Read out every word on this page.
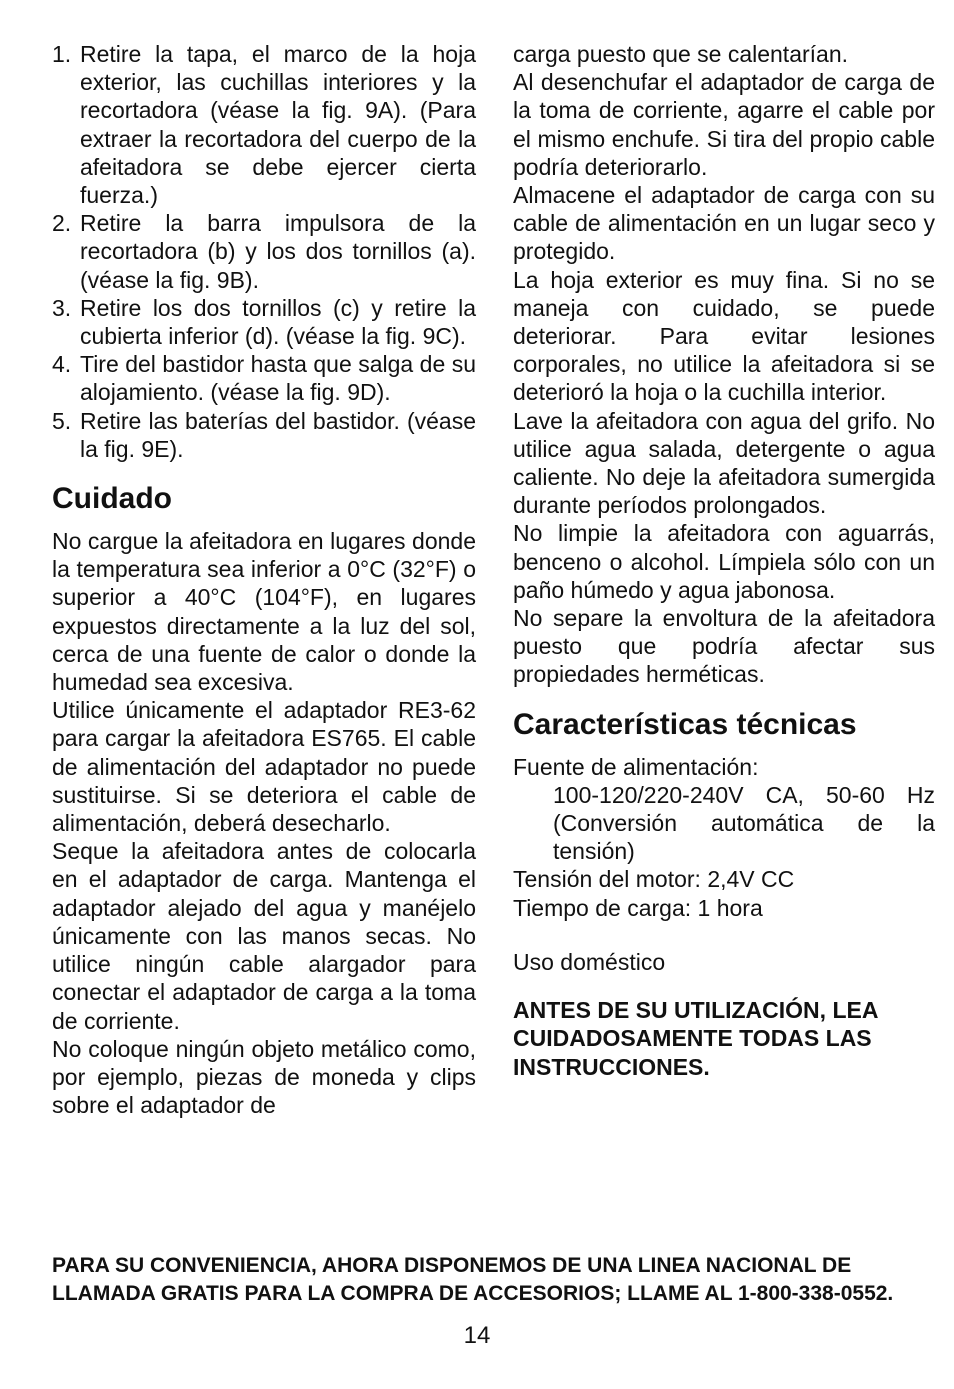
1. Retire la tapa, el marco de la hoja exterior, las cuchillas interiores y la recortadora (véase la fig. 9A). (Para extraer la recortadora del cuerpo de la afeitadora se debe ejercer cierta fuerza.)
2. Retire la barra impulsora de la recortadora (b) y los dos tornillos (a). (véase la fig. 9B).
3. Retire los dos tornillos (c) y retire la cubierta inferior (d). (véase la fig. 9C).
4. Tire del bastidor hasta que salga de su alojamiento. (véase la fig. 9D).
5. Retire las baterías del bastidor. (véase la fig. 9E).
Cuidado

No cargue la afeitadora en lugares donde la temperatura sea inferior a 0°C (32°F) o superior a 40°C (104°F), en lugares expuestos directamente a la luz del sol, cerca de una fuente de calor o donde la humedad sea excesiva.

Utilice únicamente el adaptador RE3-62 para cargar la afeitadora ES765. El cable de alimentación del adaptador no puede sustituirse. Si se deteriora el cable de alimentación, deberá desecharlo.

Seque la afeitadora antes de colocarla en el adaptador de carga. Mantenga el adaptador alejado del agua y manéjelo únicamente con las manos secas. No utilice ningún cable alargador para conectar el adaptador de carga a la toma de corriente.

No coloque ningún objeto metálico como, por ejemplo, piezas de moneda y clips sobre el adaptador de

carga puesto que se calentarían.

Al desenchufar el adaptador de carga de la toma de corriente, agarre el cable por el mismo enchufe. Si tira del propio cable podría deteriorarlo.

Almacene el adaptador de carga con su cable de alimentación en un lugar seco y protegido.

La hoja exterior es muy fina. Si no se maneja con cuidado, se puede deteriorar. Para evitar lesiones corporales, no utilice la afeitadora si se deterioró la hoja o la cuchilla interior.

Lave la afeitadora con agua del grifo. No utilice agua salada, detergente o agua caliente. No deje la afeitadora sumergida durante períodos prolongados.

No limpie la afeitadora con aguarrás, benceno o alcohol. Límpiela sólo con un paño húmedo y agua jabonosa.

No separe la envoltura de la afeitadora puesto que podría afectar sus propiedades herméticas.

Características técnicas

Fuente de alimentación:

100-120/220-240V CA, 50-60 Hz (Conversión automática de la tensión)

Tensión del motor: 2,4V CC

Tiempo de carga: 1 hora

Uso doméstico

ANTES DE SU UTILIZACIÓN, LEA CUIDADOSAMENTE TODAS LAS INSTRUCCIONES.

PARA SU CONVENIENCIA, AHORA DISPONEMOS DE UNA LINEA NACIONAL DE LLAMADA GRATIS PARA LA COMPRA DE ACCESORIOS; LLAME AL 1-800-338-0552.
14
